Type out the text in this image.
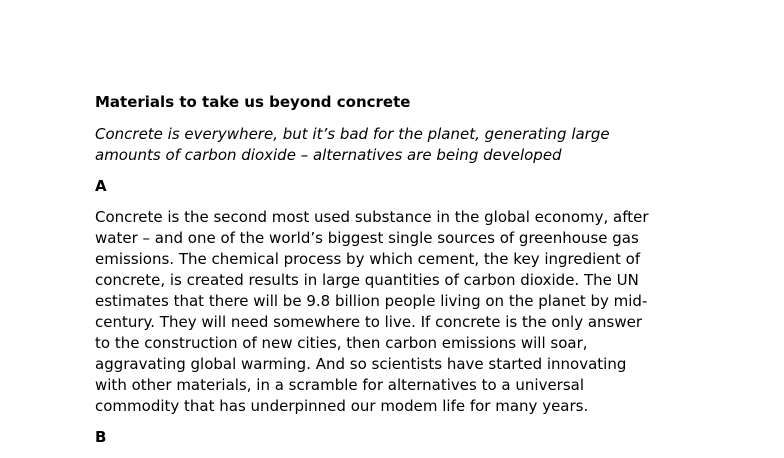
Materials to take us beyond concrete
Concrete is everywhere, but it’s bad for the planet, generating large
amounts of carbon dioxide – alternatives are being developed
A
Concrete is the second most used substance in the global economy, after
water – and one of the world’s biggest single sources of greenhouse gas
emissions. The chemical process by which cement, the key ingredient of
concrete, is created results in large quantities of carbon dioxide. The UN
estimates that there will be 9.8 billion people living on the planet by mid-
century. They will need somewhere to live. If concrete is the only answer
to the construction of new cities, then carbon emissions will soar,
aggravating global warming. And so scientists have started innovating
with other materials, in a scramble for alternatives to a universal
commodity that has underpinned our modem life for many years.
B
